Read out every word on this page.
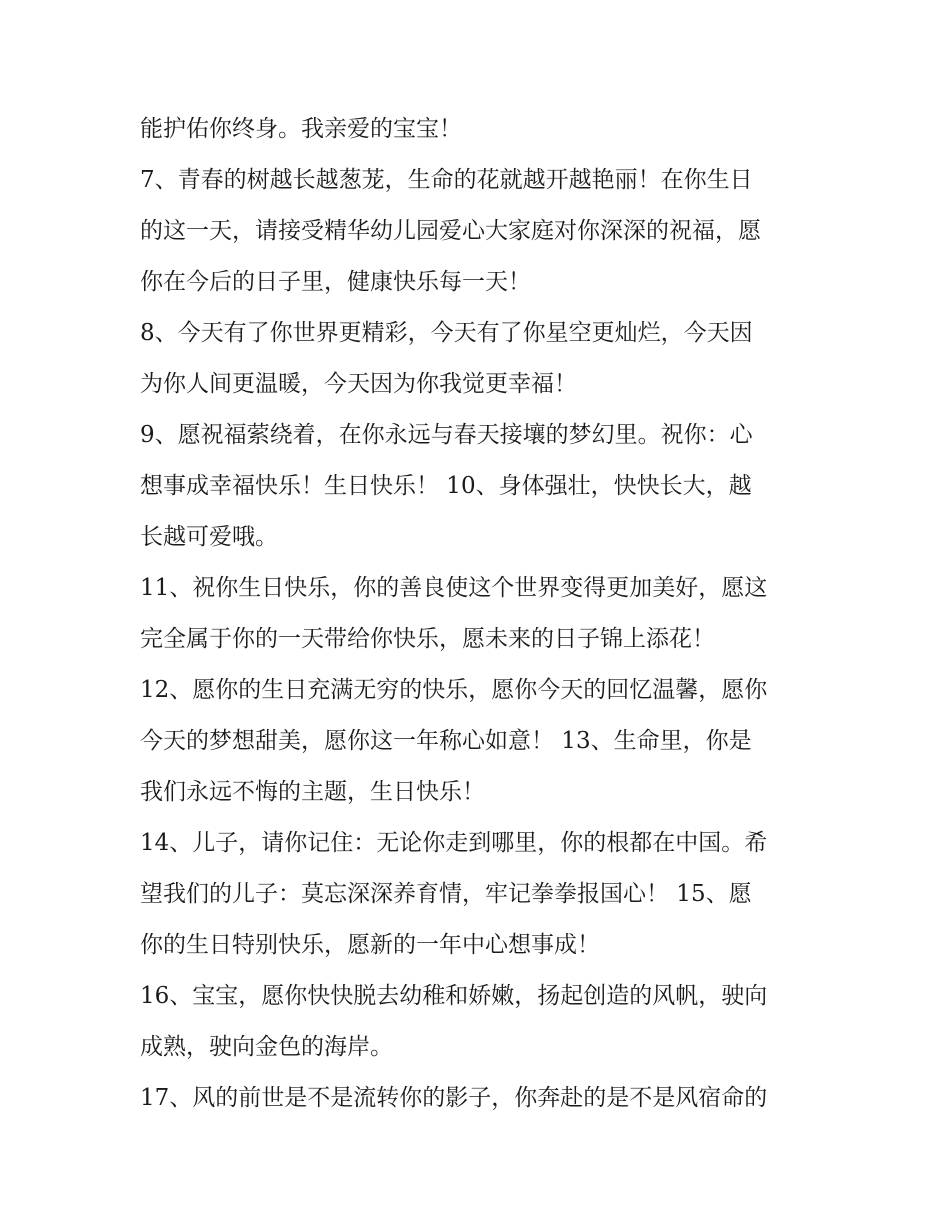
能护佑你终身。我亲爱的宝宝！
7、青春的树越长越葱茏，生命的花就越开越艳丽！在你生日
的这一天，请接受精华幼儿园爱心大家庭对你深深的祝福，愿
你在今后的日子里，健康快乐每一天！
8、今天有了你世界更精彩，今天有了你星空更灿烂，今天因
为你人间更温暖，今天因为你我觉更幸福！
9、愿祝福萦绕着，在你永远与春天接壤的梦幻里。祝你：心
想事成幸福快乐！生日快乐！ 10、身体强壮，快快长大，越
长越可爱哦。
11、祝你生日快乐，你的善良使这个世界变得更加美好，愿这
完全属于你的一天带给你快乐，愿未来的日子锦上添花！
12、愿你的生日充满无穷的快乐，愿你今天的回忆温馨，愿你
今天的梦想甜美，愿你这一年称心如意！ 13、生命里，你是
我们永远不悔的主题，生日快乐！
14、儿子，请你记住：无论你走到哪里，你的根都在中国。希
望我们的儿子：莫忘深深养育情，牢记拳拳报国心！ 15、愿
你的生日特别快乐，愿新的一年中心想事成！
16、宝宝，愿你快快脱去幼稚和娇嫩，扬起创造的风帆，驶向
成熟，驶向金色的海岸。
17、风的前世是不是流转你的影子，你奔赴的是不是风宿命的
